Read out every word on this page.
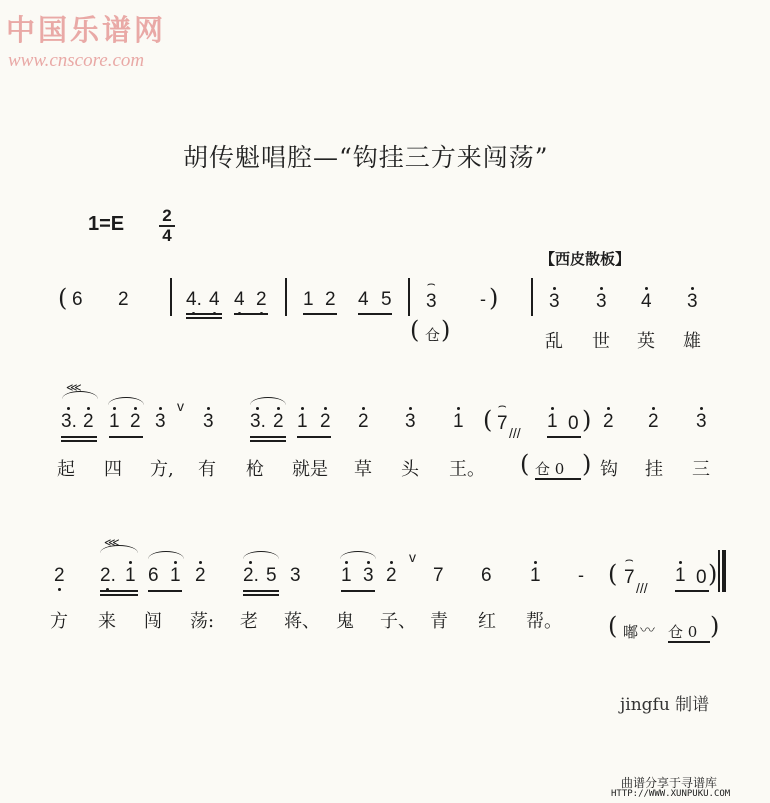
中国乐谱网
www.cnscore.com
胡传魁唱腔—“钩挂三方来闯荡”
1=E	2
4
【西皮散板】
( 6 2	4. 4 4 2 1 2 4 5 ⌢ 3 - )
( 仓 )
3 3 4 3
乱 世 英 雄
⋘
3. 2 1 2 3
v
3 3. 2 1 2 2 3 1 ( ⌢ 7 ///
1 0 ) 2 2 3
起 四 方, 有 枪 就是 草 头 王。 ( 仓 0 ) 钩 挂 三
2
⋘
2. 1 6 1 2 2. 5 3 1 3 2
v
7 6 1 - ( ⌢ 7 ///
1 0 )
方 来 闯 荡: 老 蒋、 鬼 子、 青 红 帮。 ( 嘟 〰 仓 0 )
jingfu 制谱
曲谱分享于寻谱库
HTTP://WWW.XUNPUKU.COM
